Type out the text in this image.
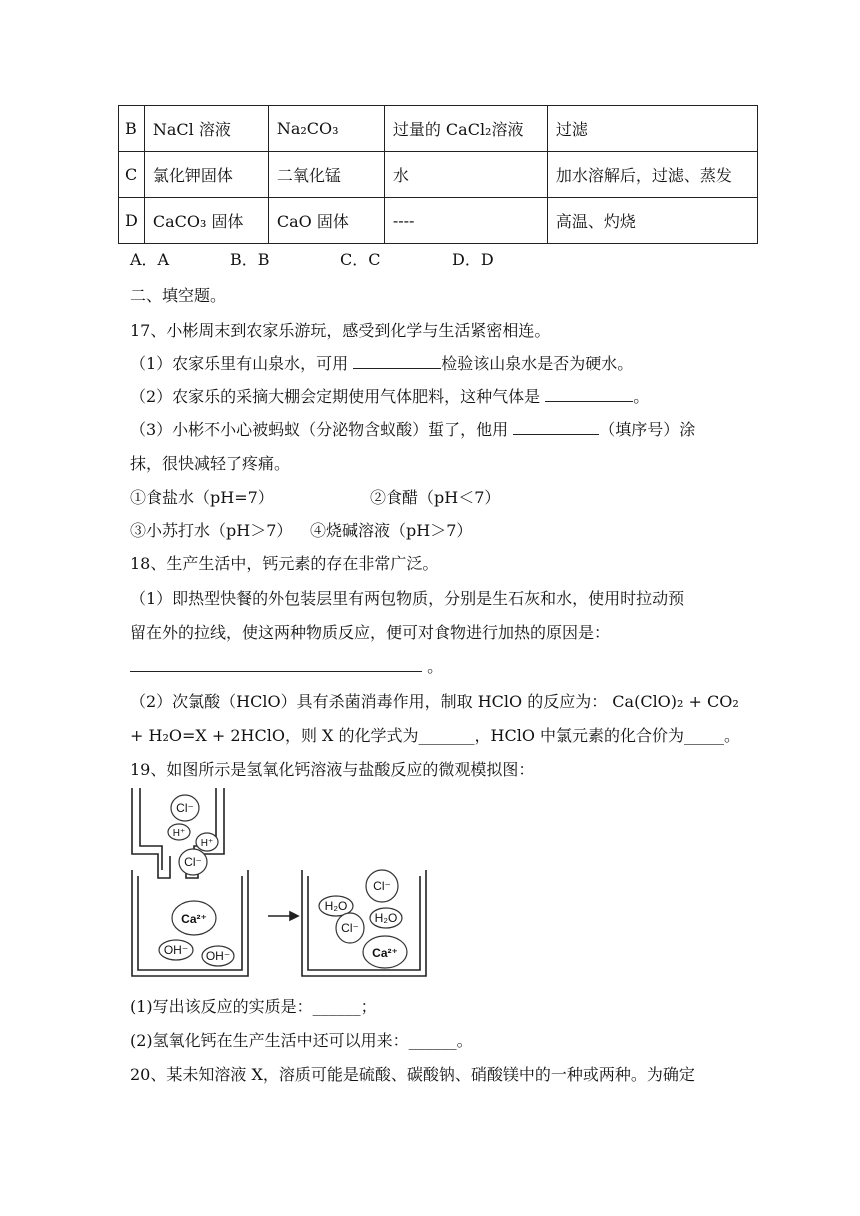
B	NaCl 溶液	Na₂CO₃	过量的 CaCl₂溶液	过滤
C	氯化钾固体	二氧化锰	水	加水溶解后，过滤、蒸发
D	CaCO₃ 固体	CaO 固体	----	高温、灼烧
A．A	B．B	C．C	D．D
二、填空题。
17、小彬周末到农家乐游玩，感受到化学与生活紧密相连。
（1）农家乐里有山泉水，可用	检验该山泉水是否为硬水。
（2）农家乐的采摘大棚会定期使用气体肥料，这种气体是	。
（3）小彬不小心被蚂蚁（分泌物含蚁酸）蜇了，他用	（填序号）涂
抹，很快减轻了疼痛。
①食盐水（pH=7）	②食醋（pH＜7）
③小苏打水（pH＞7） ④烧碱溶液（pH＞7）
18、生产生活中，钙元素的存在非常广泛。
（1）即热型快餐的外包装层里有两包物质，分别是生石灰和水，使用时拉动预
留在外的拉线，使这两种物质反应，便可对食物进行加热的原因是：
。
（2）次氯酸（HClO）具有杀菌消毒作用，制取 HClO 的反应为： Ca(ClO)₂ + CO₂
+ H₂O=X + 2HClO，则 X 的化学式为_______，HClO 中氯元素的化合价为_____。
19、如图所示是氢氧化钙溶液与盐酸反应的微观模拟图：
Cl⁻
H⁺
H⁺
Cl⁻
Ca²⁺
OH⁻ OH⁻
H₂O
Cl⁻
Cl⁻
H₂O
Ca²⁺
(1)写出该反应的实质是：______；
(2)氢氧化钙在生产生活中还可以用来：______。
20、某未知溶液 X，溶质可能是硫酸、碳酸钠、硝酸镁中的一种或两种。为确定
